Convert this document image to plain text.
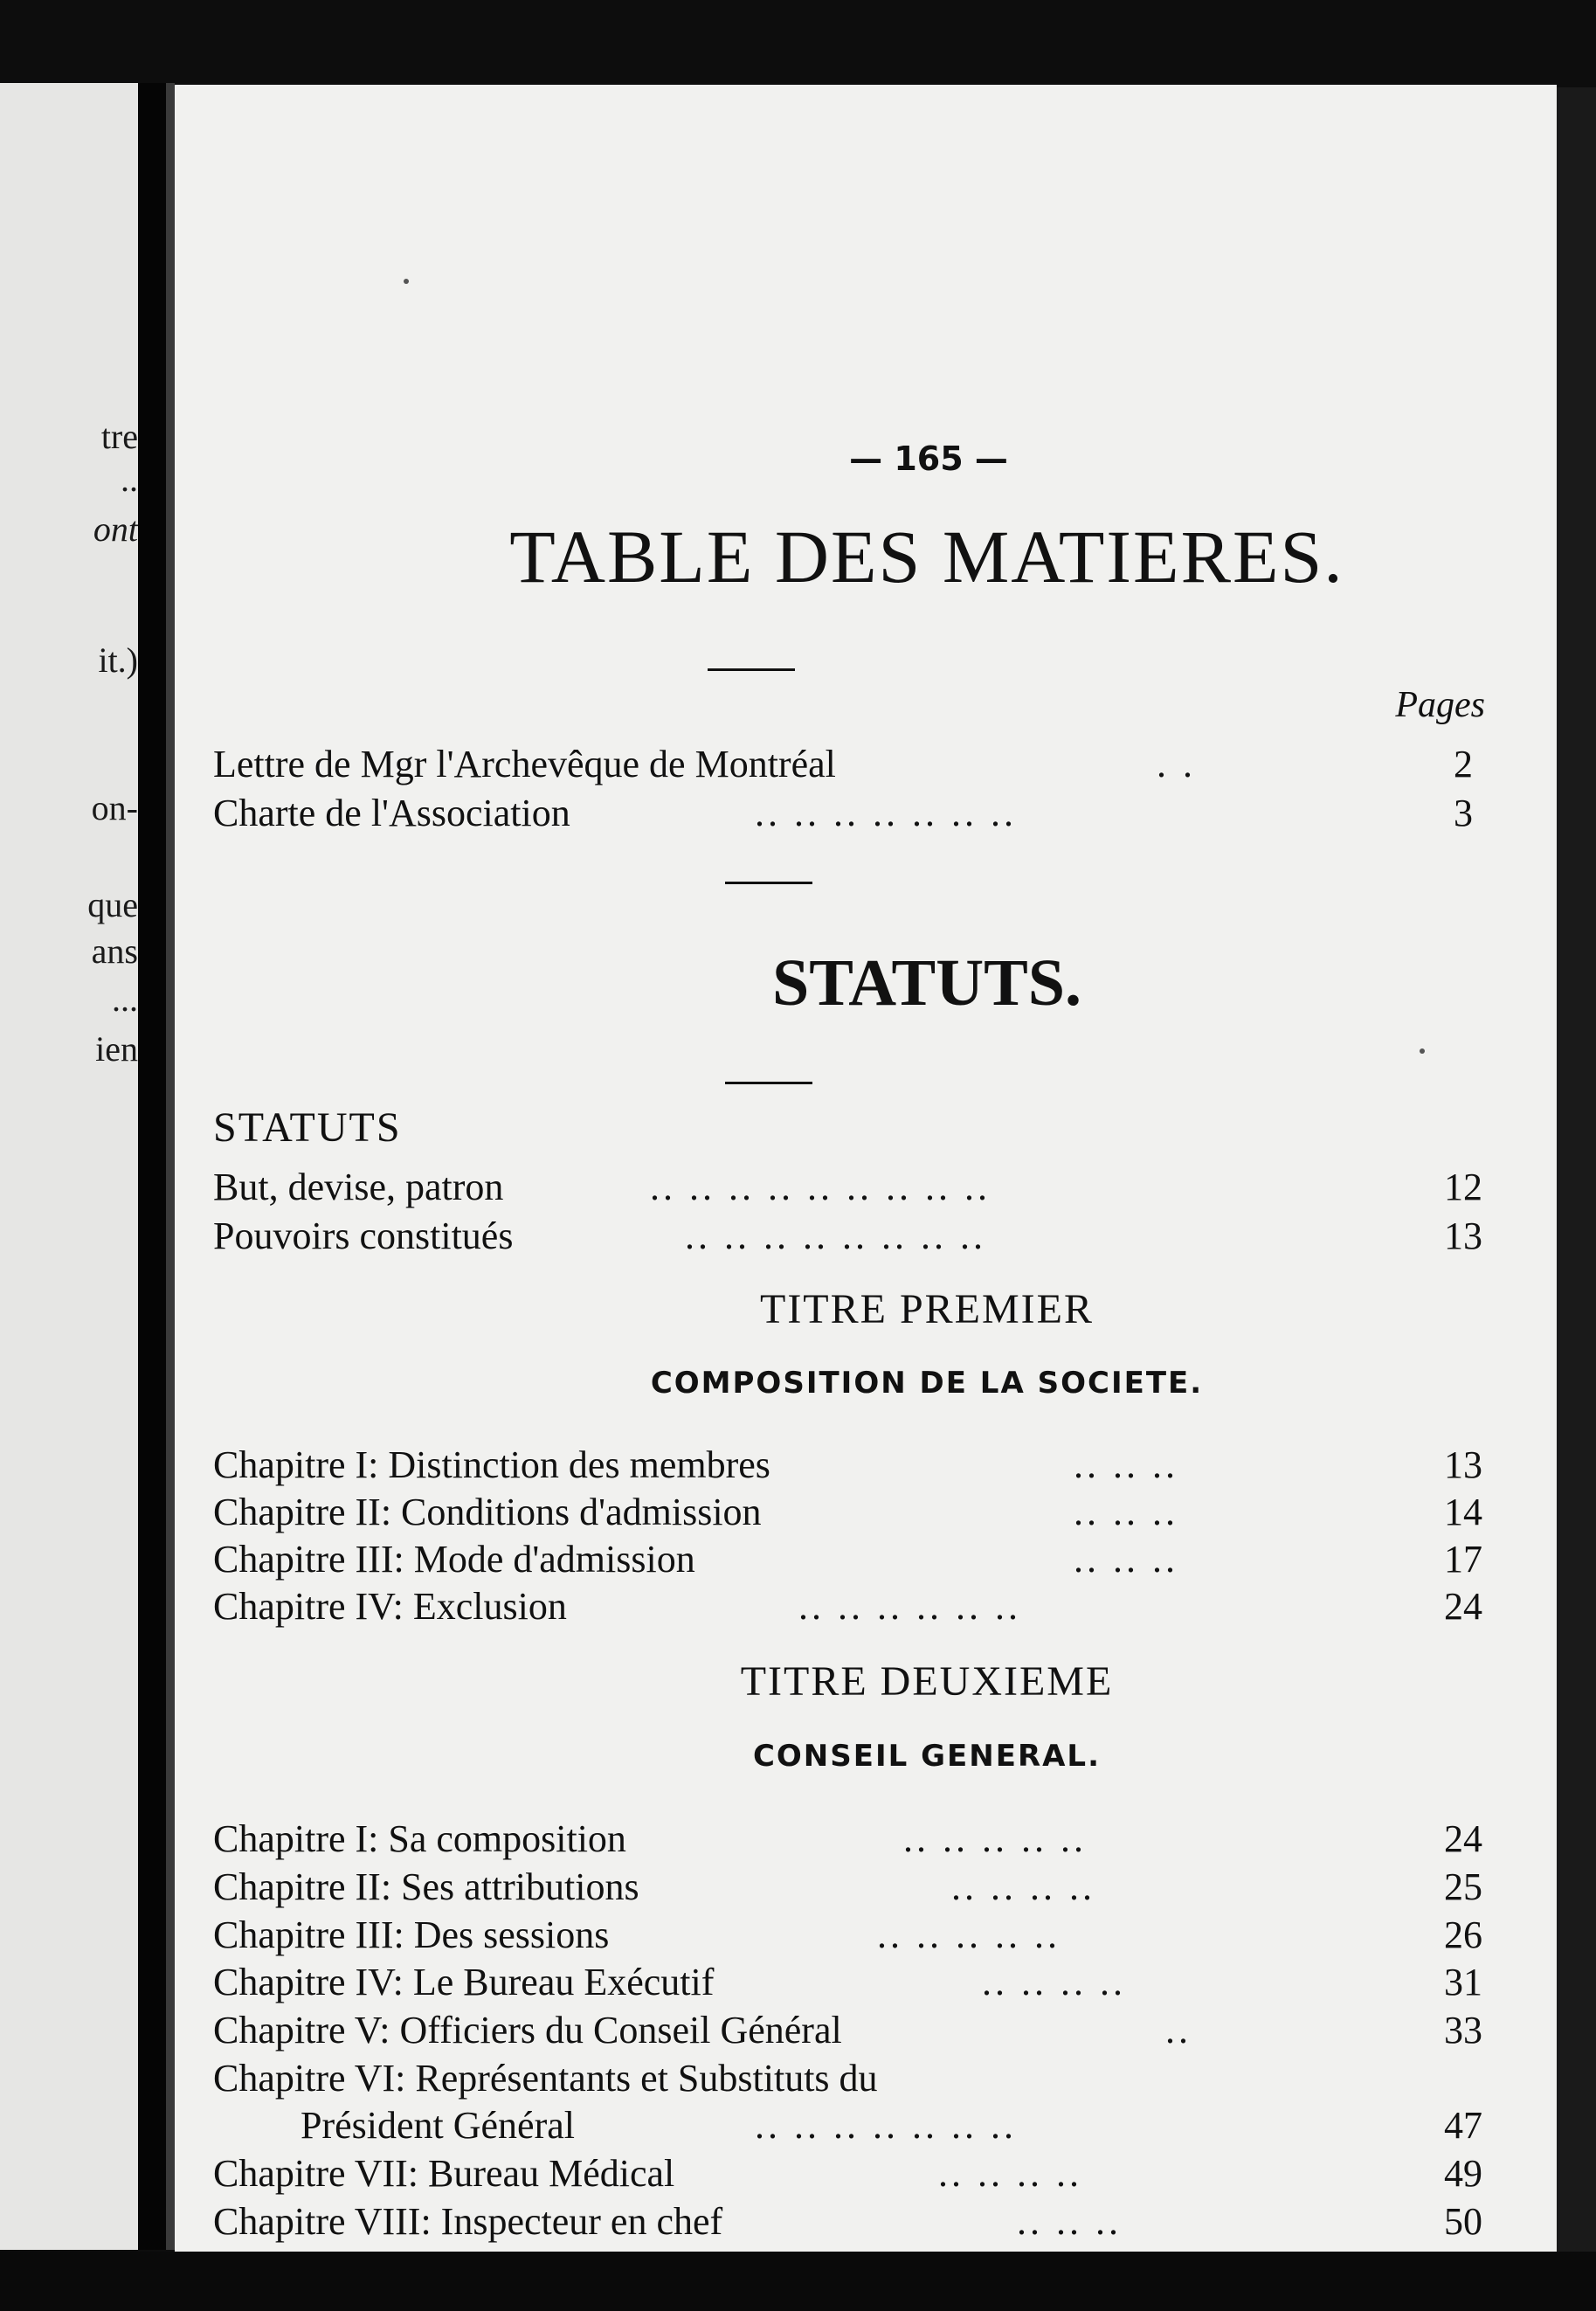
tre
..
ont
it.)
on-
que
ans
...
ien
— 165 —
TABLE DES MATIERES.
Pages
Lettre de Mgr l'Archevêque de Montréal	. .	2
Charte de l'Association	.. .. .. .. .. .. ..	3
STATUTS.
STATUTS
But, devise, patron	.. .. .. .. .. .. .. .. ..	12
Pouvoirs constitués	.. .. .. .. .. .. .. ..	13
TITRE PREMIER
COMPOSITION DE LA SOCIETE.
Chapitre I: Distinction des membres	.. .. ..	13
Chapitre II: Conditions d'admission	.. .. ..	14
Chapitre III: Mode d'admission	.. .. ..	17
Chapitre IV: Exclusion	.. .. .. .. .. ..	24
TITRE DEUXIEME
CONSEIL GENERAL.
Chapitre I: Sa composition	.. .. .. .. ..	24
Chapitre II: Ses attributions	.. .. .. ..	25
Chapitre III: Des sessions	.. .. .. .. ..	26
Chapitre IV: Le Bureau Exécutif	.. .. .. ..	31
Chapitre V: Officiers du Conseil Général	..	33
Chapitre VI: Représentants et Substituts du
Président Général	.. .. .. .. .. .. ..	47
Chapitre VII: Bureau Médical	.. .. .. ..	49
Chapitre VIII: Inspecteur en chef	.. .. ..	50
